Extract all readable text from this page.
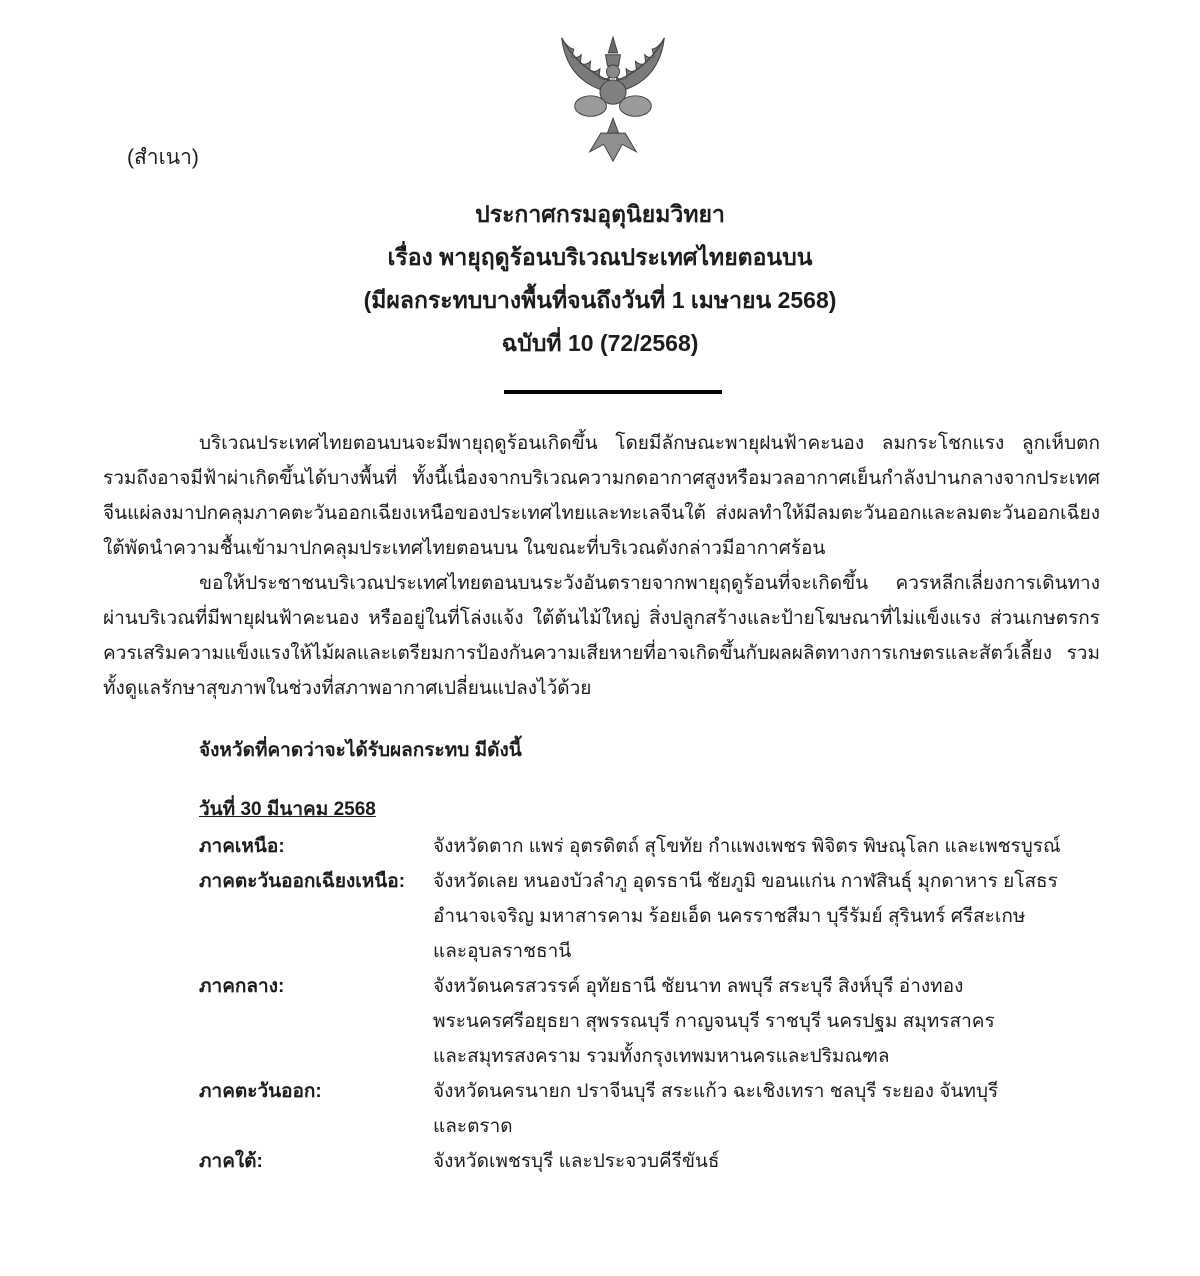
(สำเนา)
ประกาศกรมอุตุนิยมวิทยา
เรื่อง พายุฤดูร้อนบริเวณประเทศไทยตอนบน
(มีผลกระทบบางพื้นที่จนถึงวันที่ 1 เมษายน 2568)
ฉบับที่ 10 (72/2568)

บริเวณประเทศไทยตอนบนจะมีพายุฤดูร้อนเกิดขึ้น โดยมีลักษณะพายุฝนฟ้าคะนอง ลมกระโชกแรง ลูกเห็บตก รวมถึงอาจมีฟ้าผ่าเกิดขึ้นได้บางพื้นที่ ทั้งนี้เนื่องจากบริเวณความกดอากาศสูงหรือมวลอากาศเย็นกำลังปานกลางจากประเทศจีนแผ่ลงมาปกคลุมภาคตะวันออกเฉียงเหนือของประเทศไทยและทะเลจีนใต้ ส่งผลทำให้มีลมตะวันออกและลมตะวันออกเฉียงใต้พัดนำความชื้นเข้ามาปกคลุมประเทศไทยตอนบน ในขณะที่บริเวณดังกล่าวมีอากาศร้อน

ขอให้ประชาชนบริเวณประเทศไทยตอนบนระวังอันตรายจากพายุฤดูร้อนที่จะเกิดขึ้น ควรหลีกเลี่ยงการเดินทางผ่านบริเวณที่มีพายุฝนฟ้าคะนอง หรืออยู่ในที่โล่งแจ้ง ใต้ต้นไม้ใหญ่ สิ่งปลูกสร้างและป้ายโฆษณาที่ไม่แข็งแรง ส่วนเกษตรกรควรเสริมความแข็งแรงให้ไม้ผลและเตรียมการป้องกันความเสียหายที่อาจเกิดขึ้นกับผลผลิตทางการเกษตรและสัตว์เลี้ยง รวมทั้งดูแลรักษาสุขภาพในช่วงที่สภาพอากาศเปลี่ยนแปลงไว้ด้วย

จังหวัดที่คาดว่าจะได้รับผลกระทบ มีดังนี้
วันที่ 30 มีนาคม 2568
ภาคเหนือ:	จังหวัดตาก แพร่ อุตรดิตถ์ สุโขทัย กำแพงเพชร พิจิตร พิษณุโลก และเพชรบูรณ์
ภาคตะวันออกเฉียงเหนือ:	จังหวัดเลย หนองบัวลำภู อุดรธานี ชัยภูมิ ขอนแก่น กาฬสินธุ์ มุกดาหาร ยโสธร
อำนาจเจริญ มหาสารคาม ร้อยเอ็ด นครราชสีมา บุรีรัมย์ สุรินทร์ ศรีสะเกษ
และอุบลราชธานี
ภาคกลาง:	จังหวัดนครสวรรค์ อุทัยธานี ชัยนาท ลพบุรี สระบุรี สิงห์บุรี อ่างทอง
พระนครศรีอยุธยา สุพรรณบุรี กาญจนบุรี ราชบุรี นครปฐม สมุทรสาคร
และสมุทรสงคราม รวมทั้งกรุงเทพมหานครและปริมณฑล
ภาคตะวันออก:	จังหวัดนครนายก ปราจีนบุรี สระแก้ว ฉะเชิงเทรา ชลบุรี ระยอง จันทบุรี
และตราด
ภาคใต้:	จังหวัดเพชรบุรี และประจวบคีรีขันธ์
